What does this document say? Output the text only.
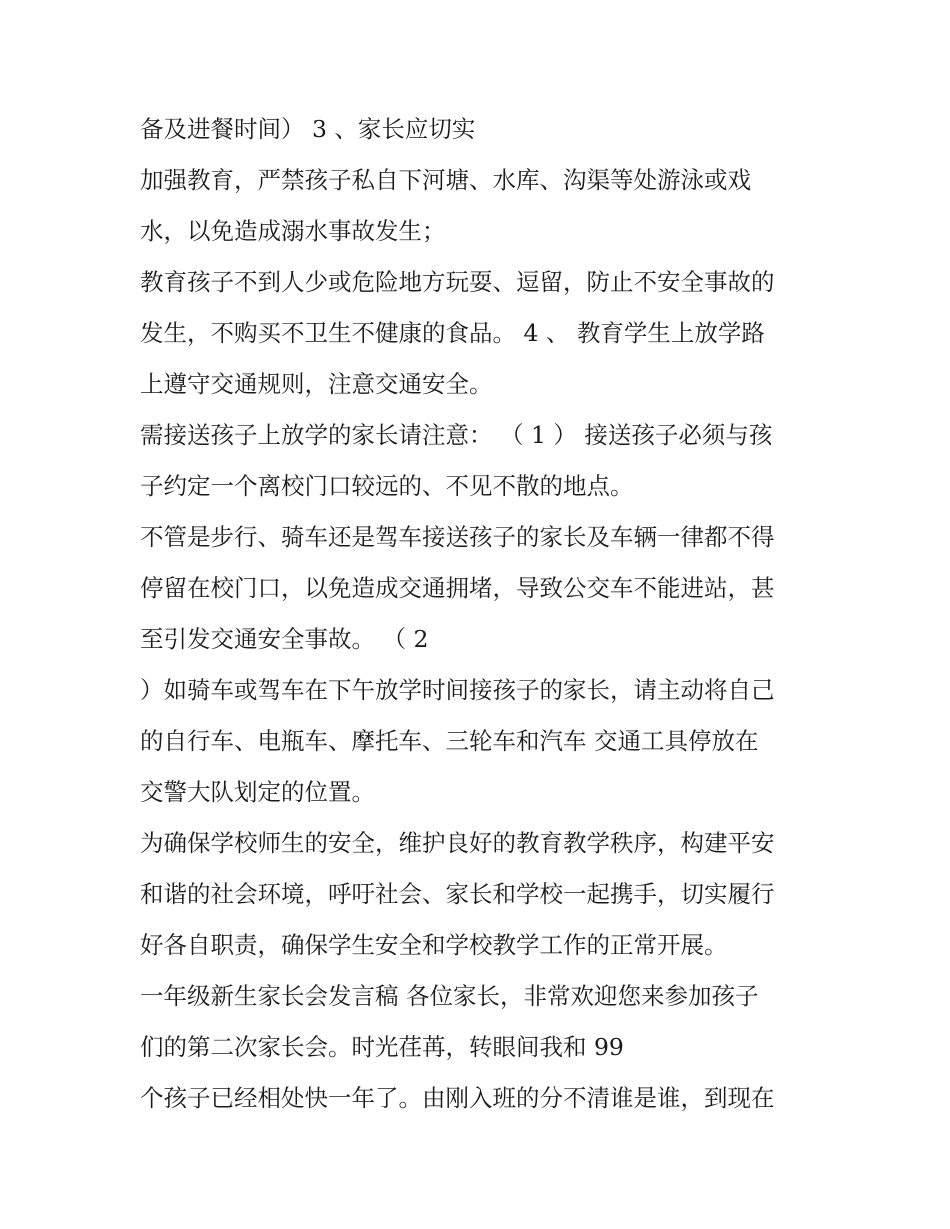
备及进餐时间） 3 、家长应切实
加强教育，严禁孩子私自下河塘、水库、沟渠等处游泳或戏
水，以免造成溺水事故发生；
教育孩子不到人少或危险地方玩耍、逗留，防止不安全事故的
发生，不购买不卫生不健康的食品。 4 、 教育学生上放学路
上遵守交通规则，注意交通安全。
需接送孩子上放学的家长请注意： （ 1 ） 接送孩子必须与孩
子约定一个离校门口较远的、不见不散的地点。
不管是步行、骑车还是驾车接送孩子的家长及车辆一律都不得
停留在校门口，以免造成交通拥堵，导致公交车不能进站，甚
至引发交通安全事故。 （ 2
）如骑车或驾车在下午放学时间接孩子的家长，请主动将自己
的自行车、电瓶车、摩托车、三轮车和汽车 交通工具停放在
交警大队划定的位置。
为确保学校师生的安全，维护良好的教育教学秩序，构建平安
和谐的社会环境，呼吁社会、家长和学校一起携手，切实履行
好各自职责，确保学生安全和学校教学工作的正常开展。
一年级新生家长会发言稿 各位家长，非常欢迎您来参加孩子
们的第二次家长会。时光荏苒，转眼间我和 99
个孩子已经相处快一年了。由刚入班的分不清谁是谁，到现在
